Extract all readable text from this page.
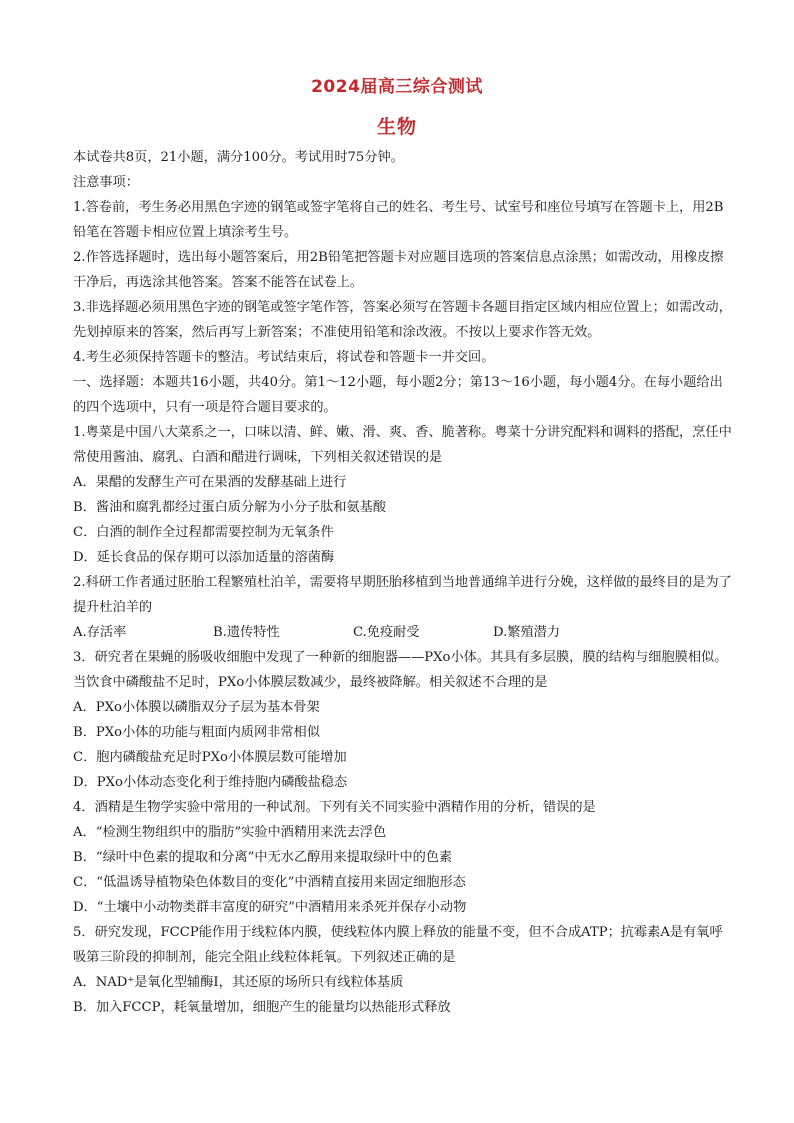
2024届高三综合测试
生物

本试卷共8页，21小题，满分100分。考试用时75分钟。

注意事项：

1.答卷前，考生务必用黑色字迹的钢笔或签字笔将自己的姓名、考生号、试室号和座位号填写在答题卡上，用2B铅笔在答题卡相应位置上填涂考生号。

2.作答选择题时，选出每小题答案后，用2B铅笔把答题卡对应题目选项的答案信息点涂黑；如需改动，用橡皮擦干净后，再选涂其他答案。答案不能答在试卷上。

3.非选择题必须用黑色字迹的钢笔或签字笔作答，答案必须写在答题卡各题目指定区域内相应位置上；如需改动，先划掉原来的答案，然后再写上新答案；不准使用铅笔和涂改液。不按以上要求作答无效。

4.考生必须保持答题卡的整洁。考试结束后，将试卷和答题卡一并交回。

一、选择题：本题共16小题，共40分。第1～12小题，每小题2分；第13～16小题，每小题4分。在每小题给出的四个选项中，只有一项是符合题目要求的。

1.粤菜是中国八大菜系之一，口味以清、鲜、嫩、滑、爽、香、脆著称。粤菜十分讲究配料和调料的搭配，烹任中常使用酱油、腐乳、白酒和醋进行调味，下列相关叙述错误的是

A．果醋的发酵生产可在果酒的发酵基础上进行

B．酱油和腐乳都经过蛋白质分解为小分子肽和氨基酸

C．白酒的制作全过程都需要控制为无氧条件

D．延长食品的保存期可以添加适量的溶菌酶

2.科研工作者通过胚胎工程繁殖杜泊羊，需要将早期胚胎移植到当地普通绵羊进行分娩，这样做的最终目的是为了提升杜泊羊的

A.存活率	B.遗传特性	C.免疫耐受	D.繁殖潜力

3．研究者在果蝇的肠吸收细胞中发现了一种新的细胞器——PXo小体。其具有多层膜，膜的结构与细胞膜相似。当饮食中磷酸盐不足时，PXo小体膜层数减少，最终被降解。相关叙述不合理的是

A．PXo小体膜以磷脂双分子层为基本骨架

B．PXo小体的功能与粗面内质网非常相似

C．胞内磷酸盐充足时PXo小体膜层数可能增加

D．PXo小体动态变化利于维持胞内磷酸盐稳态

4．酒精是生物学实验中常用的一种试剂。下列有关不同实验中酒精作用的分析，错误的是

A．“检测生物组织中的脂肪”实验中酒精用来洗去浮色

B．“绿叶中色素的提取和分离”中无水乙醇用来提取绿叶中的色素

C．“低温诱导植物染色体数目的变化”中酒精直接用来固定细胞形态

D．“土壤中小动物类群丰富度的研究”中酒精用来杀死并保存小动物

5．研究发现，FCCP能作用于线粒体内膜，使线粒体内膜上释放的能量不变，但不合成ATP；抗霉素A是有氧呼吸第三阶段的抑制剂，能完全阻止线粒体耗氧。下列叙述正确的是

A．NAD⁺是氧化型辅酶Ⅰ，其还原的场所只有线粒体基质

B．加入FCCP，耗氧量增加，细胞产生的能量均以热能形式释放
